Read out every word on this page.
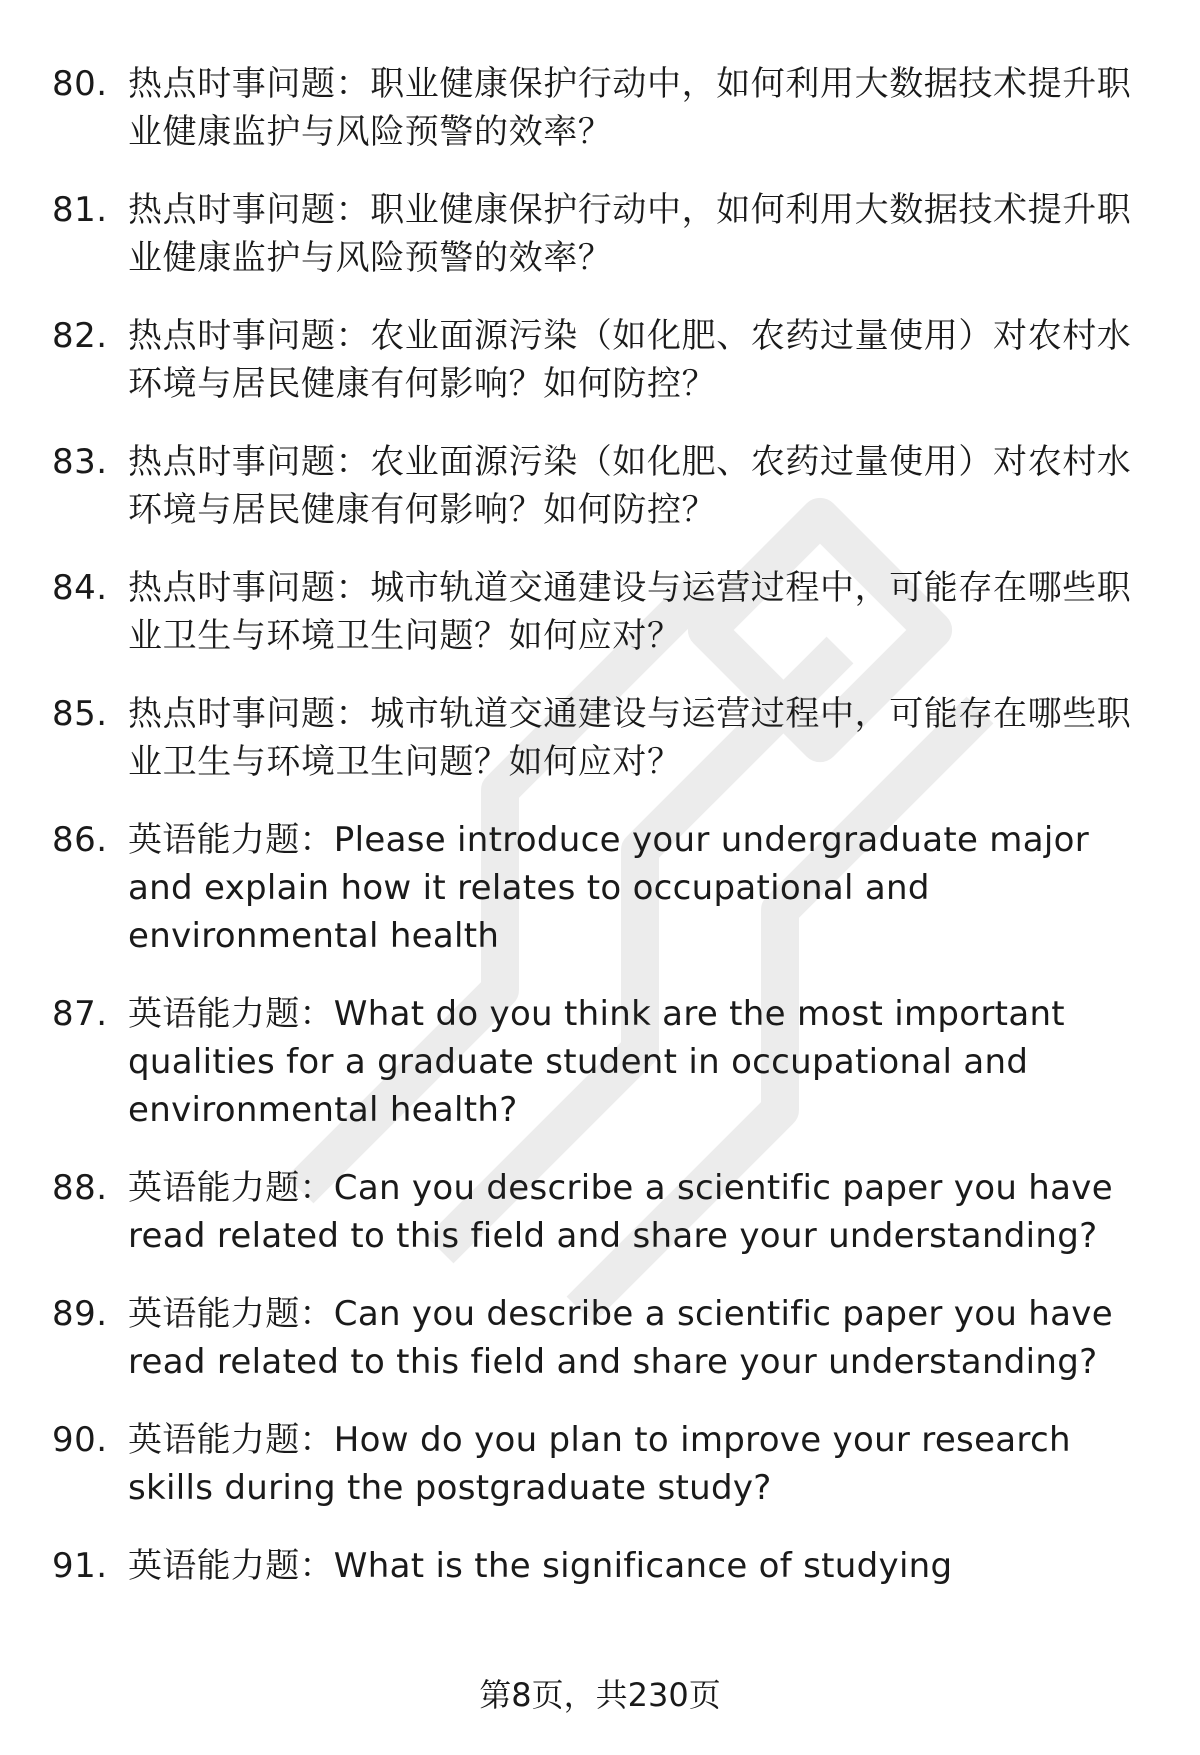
80. 热点时事问题：职业健康保护行动中，如何利用大数据技术提升职业健康监护与风险预警的效率？
81. 热点时事问题：职业健康保护行动中，如何利用大数据技术提升职业健康监护与风险预警的效率？
82. 热点时事问题：农业面源污染（如化肥、农药过量使用）对农村水环境与居民健康有何影响？如何防控？
83. 热点时事问题：农业面源污染（如化肥、农药过量使用）对农村水环境与居民健康有何影响？如何防控？
84. 热点时事问题：城市轨道交通建设与运营过程中，可能存在哪些职业卫生与环境卫生问题？如何应对？
85. 热点时事问题：城市轨道交通建设与运营过程中，可能存在哪些职业卫生与环境卫生问题？如何应对？
86. 英语能力题：Please introduce your undergraduate major and explain how it relates to occupational and environmental health
87. 英语能力题：What do you think are the most important qualities for a graduate student in occupational and environmental health?
88. 英语能力题：Can you describe a scientific paper you have read related to this field and share your understanding?
89. 英语能力题：Can you describe a scientific paper you have read related to this field and share your understanding?
90. 英语能力题：How do you plan to improve your research skills during the postgraduate study?
91. 英语能力题：What is the significance of studying
第8页，共230页
